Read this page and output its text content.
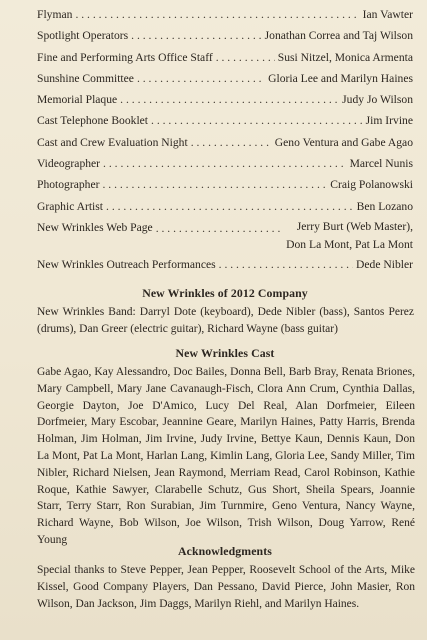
Flyman . . .	Ian Vawter
Spotlight Operators . . .	Jonathan Correa and Taj Wilson
Fine and Performing Arts Office Staff . . .	Susi Nitzel, Monica Armenta
Sunshine Committee . . .	Gloria Lee and Marilyn Haines
Memorial Plaque . . .	Judy Jo Wilson
Cast Telephone Booklet . . .	Jim Irvine
Cast and Crew Evaluation Night . . .	Geno Ventura and Gabe Agao
Videographer . . .	Marcel Nunis
Photographer . . .	Craig Polanowski
Graphic Artist . . .	Ben Lozano
New Wrinkles Web Page . . .	Jerry Burt (Web Master),
Don La Mont, Pat La Mont
New Wrinkles Outreach Performances . . .	Dede Nibler
New Wrinkles of 2012 Company
New Wrinkles Band: Darryl Dote (keyboard), Dede Nibler (bass), Santos Perez (drums), Dan Greer (electric guitar), Richard Wayne (bass guitar)
New Wrinkles Cast
Gabe Agao, Kay Alessandro, Doc Bailes, Donna Bell, Barb Bray, Renata Briones, Mary Campbell, Mary Jane Cavanaugh-Fisch, Clora Ann Crum, Cynthia Dallas, Georgie Dayton, Joe D'Amico, Lucy Del Real, Alan Dorfmeier, Eileen Dorfmeier, Mary Escobar, Jeannine Geare, Marilyn Haines, Patty Harris, Brenda Holman, Jim Holman, Jim Irvine, Judy Irvine, Bettye Kaun, Dennis Kaun, Don La Mont, Pat La Mont, Harlan Lang, Kimlin Lang, Gloria Lee, Sandy Miller, Tim Nibler, Richard Nielsen, Jean Raymond, Merriam Read, Carol Robinson, Kathie Roque, Kathie Sawyer, Clarabelle Schutz, Gus Short, Sheila Spears, Joannie Starr, Terry Starr, Ron Surabian, Jim Turnmire, Geno Ventura, Nancy Wayne, Richard Wayne, Bob Wilson, Joe Wilson, Trish Wilson, Doug Yarrow, René Young
Acknowledgments
Special thanks to Steve Pepper, Jean Pepper, Roosevelt School of the Arts, Mike Kissel, Good Company Players, Dan Pessano, David Pierce, John Masier, Ron Wilson, Dan Jackson, Jim Daggs, Marilyn Riehl, and Marilyn Haines.
